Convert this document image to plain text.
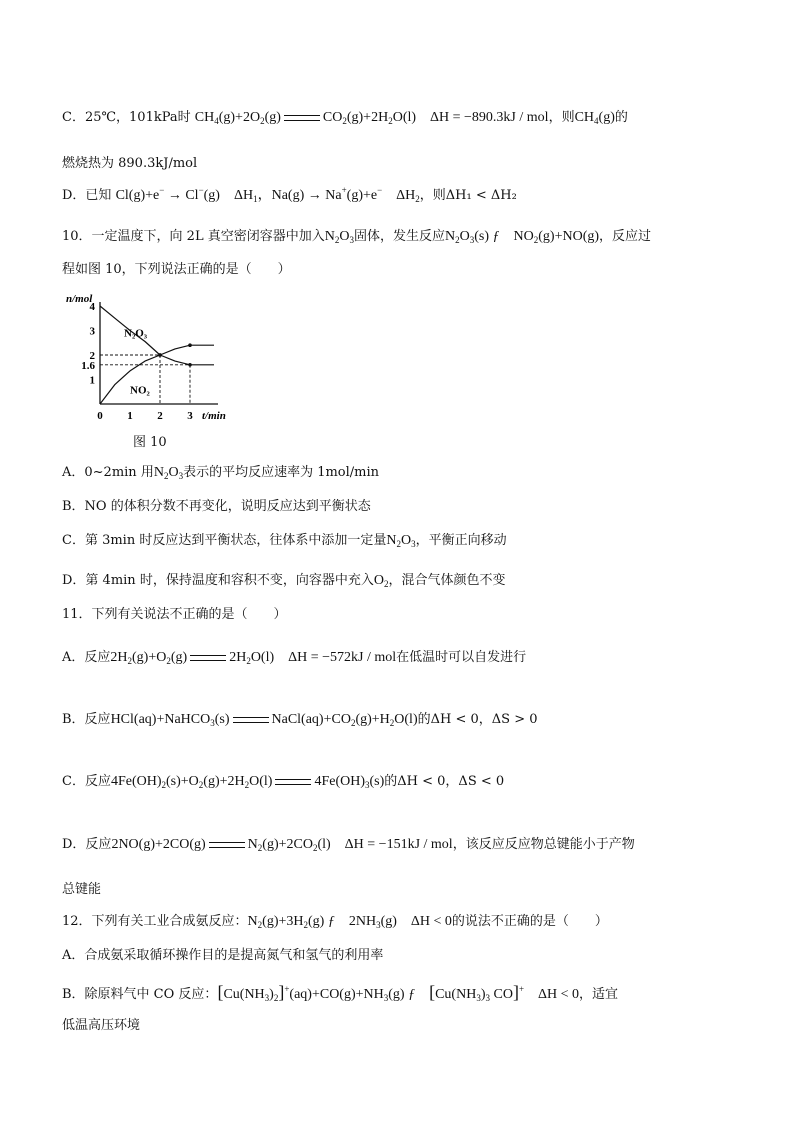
C．25℃，101kPa时 $CH_4(g)+2O_2(g)$	$CO_2(g)+2H_2O(l) \Delta H = -890.3kJ$ / mol，则$CH_4(g)$的
燃烧热为 890.3kJ/mol
D．已知 Cl(g)+e− → Cl−(g) $\Delta H_1$，Na(g) → Na+(g)+e− $\Delta H_2$，则ΔH₁ < ΔH₂
10．一定温度下，向 2L 真空密闭容器中加入$N_2O_3$固体，发生反应$N_2O_3(s)$ ƒ $NO_2(g)+NO(g)$，反应过
程如图 10，下列说法正确的是（　　）
n/mol
t/min
4
3
2
1.6
1
0 1 2 3
N₂O₃
NO₂
图 10
A．0~2min 用$N_2O_3$表示的平均反应速率为 1mol/min
B．NO 的体积分数不再变化，说明反应达到平衡状态
C．第 3min 时反应达到平衡状态，往体系中添加一定量$N_2O_3$，平衡正向移动
D．第 4min 时，保持温度和容积不变，向容器中充入$O_2$，混合气体颜色不变
11．下列有关说法不正确的是（　　）
A．反应$2H_2(g)+O_2(g)$	$2H_2O(l) \Delta H = -572kJ$ / mol在低温时可以自发进行
B．反应HCl(aq)+NaHCO$_3$(s)	$NaCl(aq)+CO_2(g)+H_2O(l)$的ΔH < 0，ΔS > 0
C．反应$4Fe(OH)_2(s)+O_2(g)+2H_2O(l)$	$4Fe(OH)_3(s)$的ΔH < 0，ΔS < 0
D．反应2NO(g)+2CO(g)	$N_2(g)+2CO_2(l) \Delta H = -151kJ$ / mol，该反应反应物总键能小于产物
总键能
12．下列有关工业合成氨反应：$N_2(g)+3H_2(g)$ ƒ $2NH_3(g) \Delta H < 0$的说法不正确的是（　　）
A．合成氨采取循环操作目的是提高氮气和氢气的利用率
B．除原料气中 CO 反应：$[Cu(NH_3)_2]^+(aq)+CO(g)+NH_3(g)$ ƒ [$Cu(NH_3)_3$ CO]+ ΔH < 0，适宜
低温高压环境
